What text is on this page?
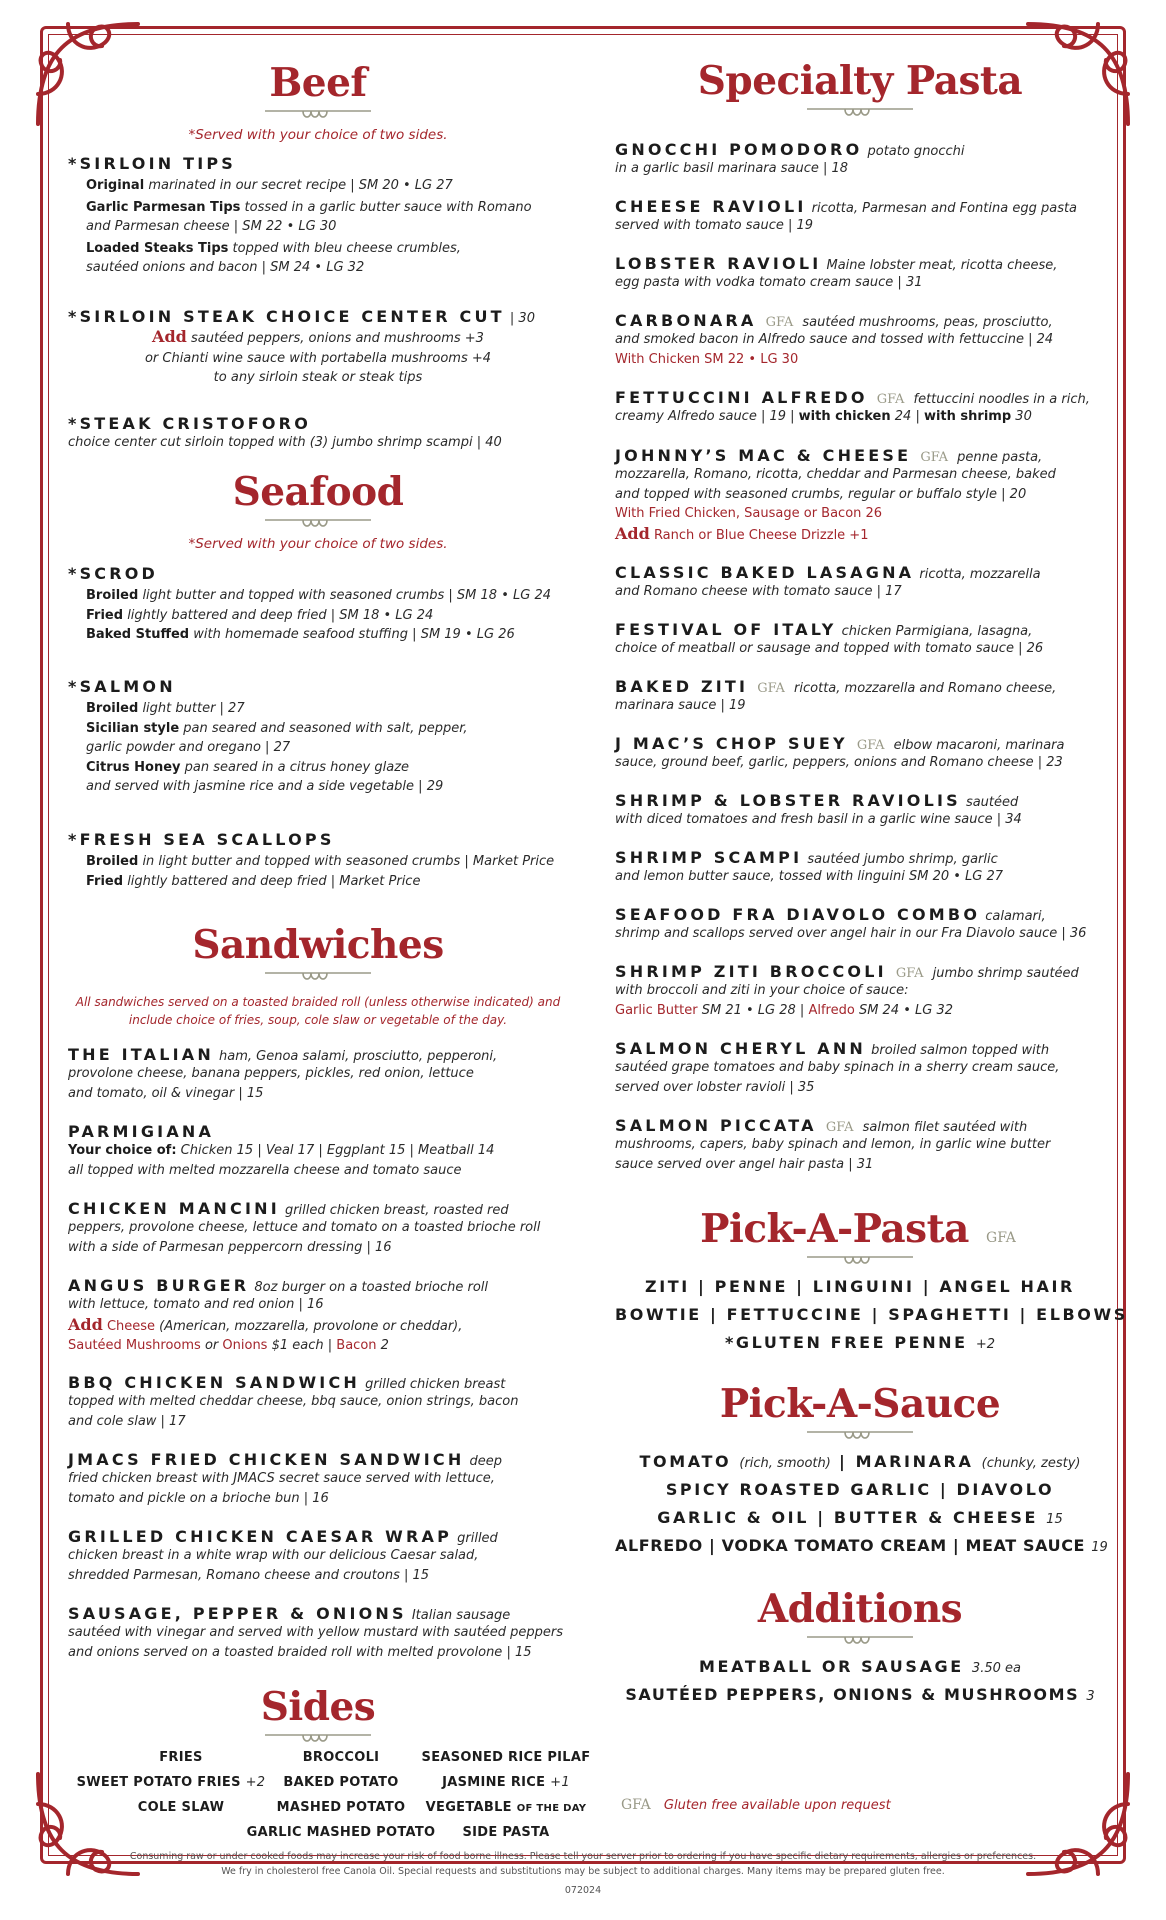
Beef
*Served with your choice of two sides.
*SIRLOIN TIPS
Original marinated in our secret recipe | SM 20 • LG 27
Garlic Parmesan Tips tossed in a garlic butter sauce with Romano
and Parmesan cheese | SM 22 • LG 30
Loaded Steaks Tips topped with bleu cheese crumbles,
sautéed onions and bacon | SM 24 • LG 32
*SIRLOIN STEAK CHOICE CENTER CUT | 30
Add sautéed peppers, onions and mushrooms +3
or Chianti wine sauce with portabella mushrooms +4
to any sirloin steak or steak tips
*STEAK CRISTOFORO
choice center cut sirloin topped with (3) jumbo shrimp scampi | 40
Seafood
*Served with your choice of two sides.
*SCROD
Broiled light butter and topped with seasoned crumbs | SM 18 • LG 24
Fried lightly battered and deep fried | SM 18 • LG 24
Baked Stuffed with homemade seafood stuffing | SM 19 • LG 26
*SALMON
Broiled light butter | 27
Sicilian style pan seared and seasoned with salt, pepper,
garlic powder and oregano | 27
Citrus Honey pan seared in a citrus honey glaze
and served with jasmine rice and a side vegetable | 29
*FRESH SEA SCALLOPS
Broiled in light butter and topped with seasoned crumbs | Market Price
Fried lightly battered and deep fried | Market Price
Sandwiches
All sandwiches served on a toasted braided roll (unless otherwise indicated) and
include choice of fries, soup, cole slaw or vegetable of the day.
THE ITALIAN ham, Genoa salami, prosciutto, pepperoni,
provolone cheese, banana peppers, pickles, red onion, lettuce
and tomato, oil & vinegar | 15
PARMIGIANA
Your choice of: Chicken 15 | Veal 17 | Eggplant 15 | Meatball 14
all topped with melted mozzarella cheese and tomato sauce
CHICKEN MANCINI grilled chicken breast, roasted red
peppers, provolone cheese, lettuce and tomato on a toasted brioche roll
with a side of Parmesan peppercorn dressing | 16
ANGUS BURGER 8oz burger on a toasted brioche roll
with lettuce, tomato and red onion | 16
Add Cheese (American, mozzarella, provolone or cheddar),
Sautéed Mushrooms or Onions $1 each | Bacon 2
BBQ CHICKEN SANDWICH grilled chicken breast
topped with melted cheddar cheese, bbq sauce, onion strings, bacon
and cole slaw | 17
JMACS FRIED CHICKEN SANDWICH deep
fried chicken breast with JMACS secret sauce served with lettuce,
tomato and pickle on a brioche bun | 16
GRILLED CHICKEN CAESAR WRAP grilled
chicken breast in a white wrap with our delicious Caesar salad,
shredded Parmesan, Romano cheese and croutons | 15
SAUSAGE, PEPPER & ONIONS Italian sausage
sautéed with vinegar and served with yellow mustard with sautéed peppers
and onions served on a toasted braided roll with melted provolone | 15
Sides
FRIES
SWEET POTATO FRIES +2
COLE SLAW
BROCCOLI
BAKED POTATO
MASHED POTATO
GARLIC MASHED POTATO
SEASONED RICE PILAF
JASMINE RICE +1
VEGETABLE OF THE DAY
SIDE PASTA
Specialty Pasta
GNOCCHI POMODORO potato gnocchi
in a garlic basil marinara sauce | 18
CHEESE RAVIOLI ricotta, Parmesan and Fontina egg pasta
served with tomato sauce | 19
LOBSTER RAVIOLI Maine lobster meat, ricotta cheese,
egg pasta with vodka tomato cream sauce | 31
CARBONARA GFA sautéed mushrooms, peas, prosciutto,
and smoked bacon in Alfredo sauce and tossed with fettuccine | 24
With Chicken SM 22 • LG 30
FETTUCCINI ALFREDO GFA fettuccini noodles in a rich,
creamy Alfredo sauce | 19 | with chicken 24 | with shrimp 30
JOHNNY’S MAC & CHEESE GFA penne pasta,
mozzarella, Romano, ricotta, cheddar and Parmesan cheese, baked
and topped with seasoned crumbs, regular or buffalo style | 20
With Fried Chicken, Sausage or Bacon 26
Add Ranch or Blue Cheese Drizzle +1
CLASSIC BAKED LASAGNA ricotta, mozzarella
and Romano cheese with tomato sauce | 17
FESTIVAL OF ITALY chicken Parmigiana, lasagna,
choice of meatball or sausage and topped with tomato sauce | 26
BAKED ZITI GFA ricotta, mozzarella and Romano cheese,
marinara sauce | 19
J MAC’S CHOP SUEY GFA elbow macaroni, marinara
sauce, ground beef, garlic, peppers, onions and Romano cheese | 23
SHRIMP & LOBSTER RAVIOLIS sautéed
with diced tomatoes and fresh basil in a garlic wine sauce | 34
SHRIMP SCAMPI sautéed jumbo shrimp, garlic
and lemon butter sauce, tossed with linguini SM 20 • LG 27
SEAFOOD FRA DIAVOLO COMBO calamari,
shrimp and scallops served over angel hair in our Fra Diavolo sauce | 36
SHRIMP ZITI BROCCOLI GFA jumbo shrimp sautéed
with broccoli and ziti in your choice of sauce:
Garlic Butter SM 21 • LG 28 | Alfredo SM 24 • LG 32
SALMON CHERYL ANN broiled salmon topped with
sautéed grape tomatoes and baby spinach in a sherry cream sauce,
served over lobster ravioli | 35
SALMON PICCATA GFA salmon filet sautéed with
mushrooms, capers, baby spinach and lemon, in garlic wine butter
sauce served over angel hair pasta | 31
Pick-A-Pasta GFA
ZITI | PENNE | LINGUINI | ANGEL HAIR
BOWTIE | FETTUCCINE | SPAGHETTI | ELBOWS
*GLUTEN FREE PENNE +2
Pick-A-Sauce
TOMATO (rich, smooth) | MARINARA (chunky, zesty)
SPICY ROASTED GARLIC | DIAVOLO
GARLIC & OIL | BUTTER & CHEESE 15
ALFREDO | VODKA TOMATO CREAM | MEAT SAUCE 19
Additions
MEATBALL OR SAUSAGE 3.50 ea
SAUTÉED PEPPERS, ONIONS & MUSHROOMS 3
GFA Gluten free available upon request
Consuming raw or under cooked foods may increase your risk of food borne illness. Please tell your server prior to ordering if you have specific dietary requirements, allergies or preferences.
We fry in cholesterol free Canola Oil. Special requests and substitutions may be subject to additional charges. Many items may be prepared gluten free.
072024
